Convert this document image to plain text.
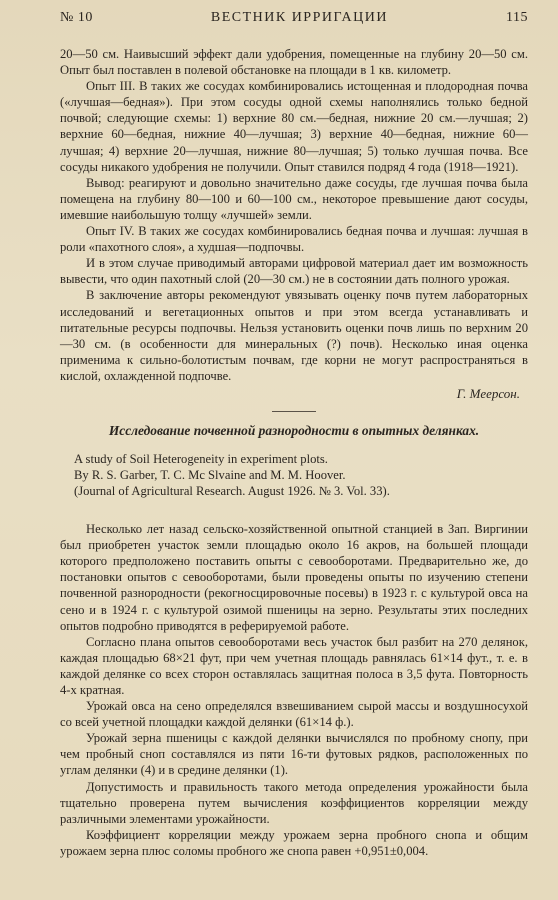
№ 10	ВЕСТНИК ИРРИГАЦИИ	115

20—50 см. Наивысший эффект дали удобрения, помещенные на глубину 20—50 см. Опыт был поставлен в полевой обстановке на площади в 1 кв. километр.

Опыт III. В таких же сосудах комбинировались истощенная и плодородная почва («лучшая—бедная»). При этом сосуды одной схемы наполнялись только бедной почвой; следующие схемы: 1) верхние 80 см.—бедная, нижние 20 см.—лучшая; 2) верхние 60—бедная, нижние 40—лучшая; 3) верхние 40—бедная, нижние 60—лучшая; 4) верхние 20—лучшая, нижние 80—лучшая; 5) только лучшая почва. Все сосуды никакого удобрения не получили. Опыт ставился подряд 4 года (1918—1921).

Вывод: реагируют и довольно значительно даже сосуды, где лучшая почва была помещена на глубину 80—100 и 60—100 см., некоторое превышение дают сосуды, имевшие наибольшую толщу «лучшей» земли.

Опыт IV. В таких же сосудах комбинировались бедная почва и лучшая: лучшая в роли «пахотного слоя», а худшая—подпочвы.

И в этом случае приводимый авторами цифровой материал дает им возможность вывести, что один пахотный слой (20—30 см.) не в состоянии дать полного урожая.

В заключение авторы рекомендуют увязывать оценку почв путем лабораторных исследований и вегетационных опытов и при этом всегда устанавливать и питательные ресурсы подпочвы. Нельзя установить оценки почв лишь по верхним 20—30 см. (в особенности для минеральных (?) почв). Несколько иная оценка применима к сильно-болотистым почвам, где корни не могут распространяться в кислой, охлажденной подпочве.

Г. Меерсон.
Исследование почвенной разнородности в опытных делянках.
A study of Soil Heterogeneity in experiment plots.
By R. S. Garber, T. C. Mc Slvaine and M. M. Hoover.
(Journal of Agricultural Research. August 1926. № 3. Vol. 33).

Несколько лет назад сельско-хозяйственной опытной станцией в Зап. Виргинии был приобретен участок земли площадью около 16 акров, на большей площади которого предположено поставить опыты с севооборотами. Предварительно же, до постановки опытов с севооборотами, были проведены опыты по изучению степени почвенной разнородности (рекогносцировочные посевы) в 1923 г. с культурой овса на сено и в 1924 г. с культурой озимой пшеницы на зерно. Результаты этих последних опытов подробно приводятся в реферируемой работе.

Согласно плана опытов севооборотами весь участок был разбит на 270 делянок, каждая площадью 68×21 фут, при чем учетная площадь равнялась 61×14 фут., т. е. в каждой делянке со всех сторон оставлялась защитная полоса в 3,5 фута. Повторность 4-х кратная.

Урожай овса на сено определялся взвешиванием сырой массы и воздушносухой со всей учетной площадки каждой делянки (61×14 ф.).

Урожай зерна пшеницы с каждой делянки вычислялся по пробному снопу, при чем пробный сноп составлялся из пяти 16-ти футовых рядков, расположенных по углам делянки (4) и в средине делянки (1).

Допустимость и правильность такого метода определения урожайности была тщательно проверена путем вычисления коэффициентов корреляции между различными элементами урожайности.

Коэффициент корреляции между урожаем зерна пробного снопа и общим урожаем зерна плюс соломы пробного же снопа равен +0,951±0,004.
